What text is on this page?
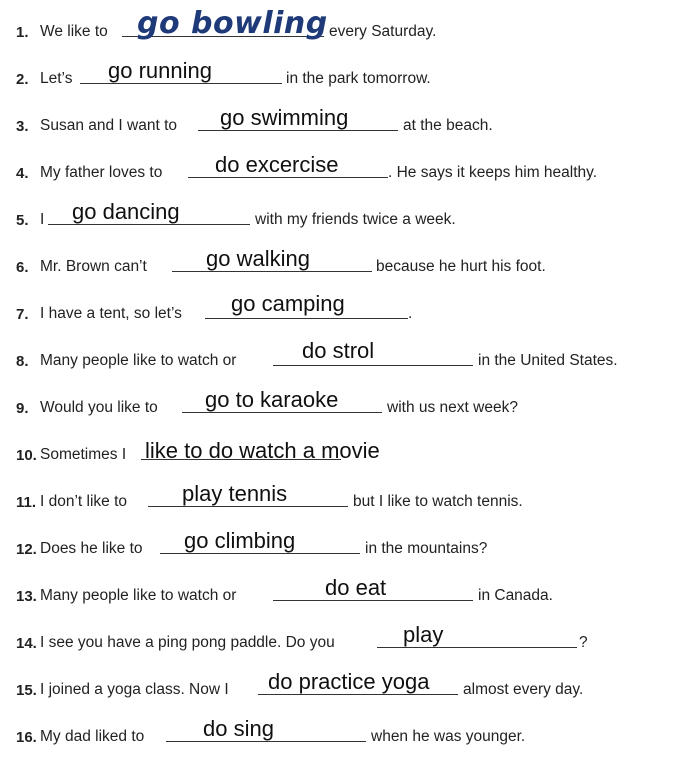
1. We like to go bowling every Saturday.
2. Let’s go running	in the park tomorrow.
3. Susan and I want to go swimming	at the beach.
4. My father loves to do excercise	. He says it keeps him healthy.
5. I go dancing	with my friends twice a week.
6. Mr. Brown can’t	go walking	because he hurt his foot.
7. I have a tent, so let’s go camping	.
8. Many people like to watch or	do strol	in the United States.
9. Would you like to go to karaoke	with us next week?
10. Sometimes I like to do watch a movie
11. I don’t like to play tennis	but I like to watch tennis.
12. Does he like to go climbing	in the mountains?
13. Many people like to watch or	do eat	in Canada.
14. I see you have a ping pong paddle. Do you	play	?
15. I joined a yoga class. Now I do practice yoga almost every day.
16. My dad liked to	do sing	when he was younger.
